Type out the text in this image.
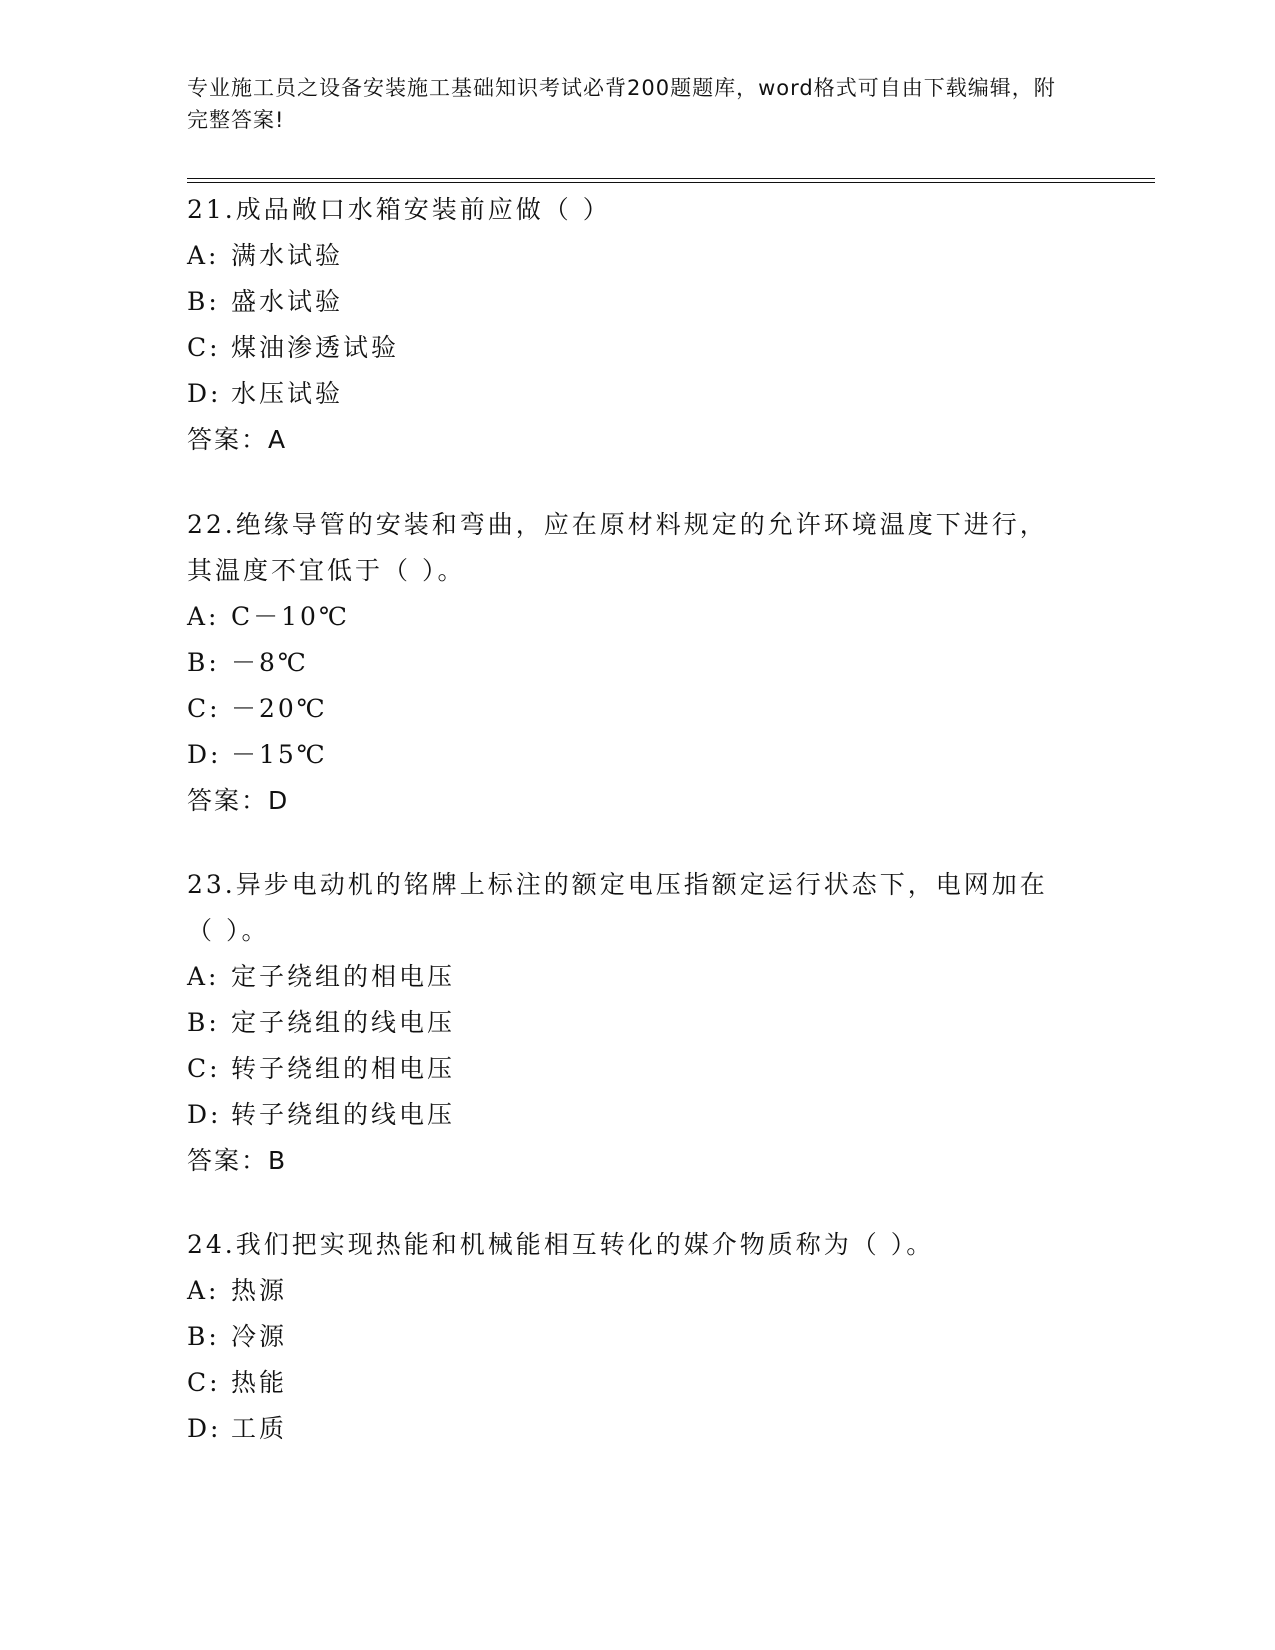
专业施工员之设备安装施工基础知识考试必背200题题库，word格式可自由下载编辑，附完整答案!

21.成品敞口水箱安装前应做（ ）

A: 满水试验
B: 盛水试验
C: 煤油渗透试验
D: 水压试验
答案：A

22.绝缘导管的安装和弯曲，应在原材料规定的允许环境温度下进行，其温度不宜低于（ ）。

A: C－10℃
B: －8℃
C: －20℃
D: －15℃
答案：D

23.异步电动机的铭牌上标注的额定电压指额定运行状态下，电网加在（ ）。

A: 定子绕组的相电压
B: 定子绕组的线电压
C: 转子绕组的相电压
D: 转子绕组的线电压
答案：B

24.我们把实现热能和机械能相互转化的媒介物质称为（ ）。

A: 热源
B: 冷源
C: 热能
D: 工质
